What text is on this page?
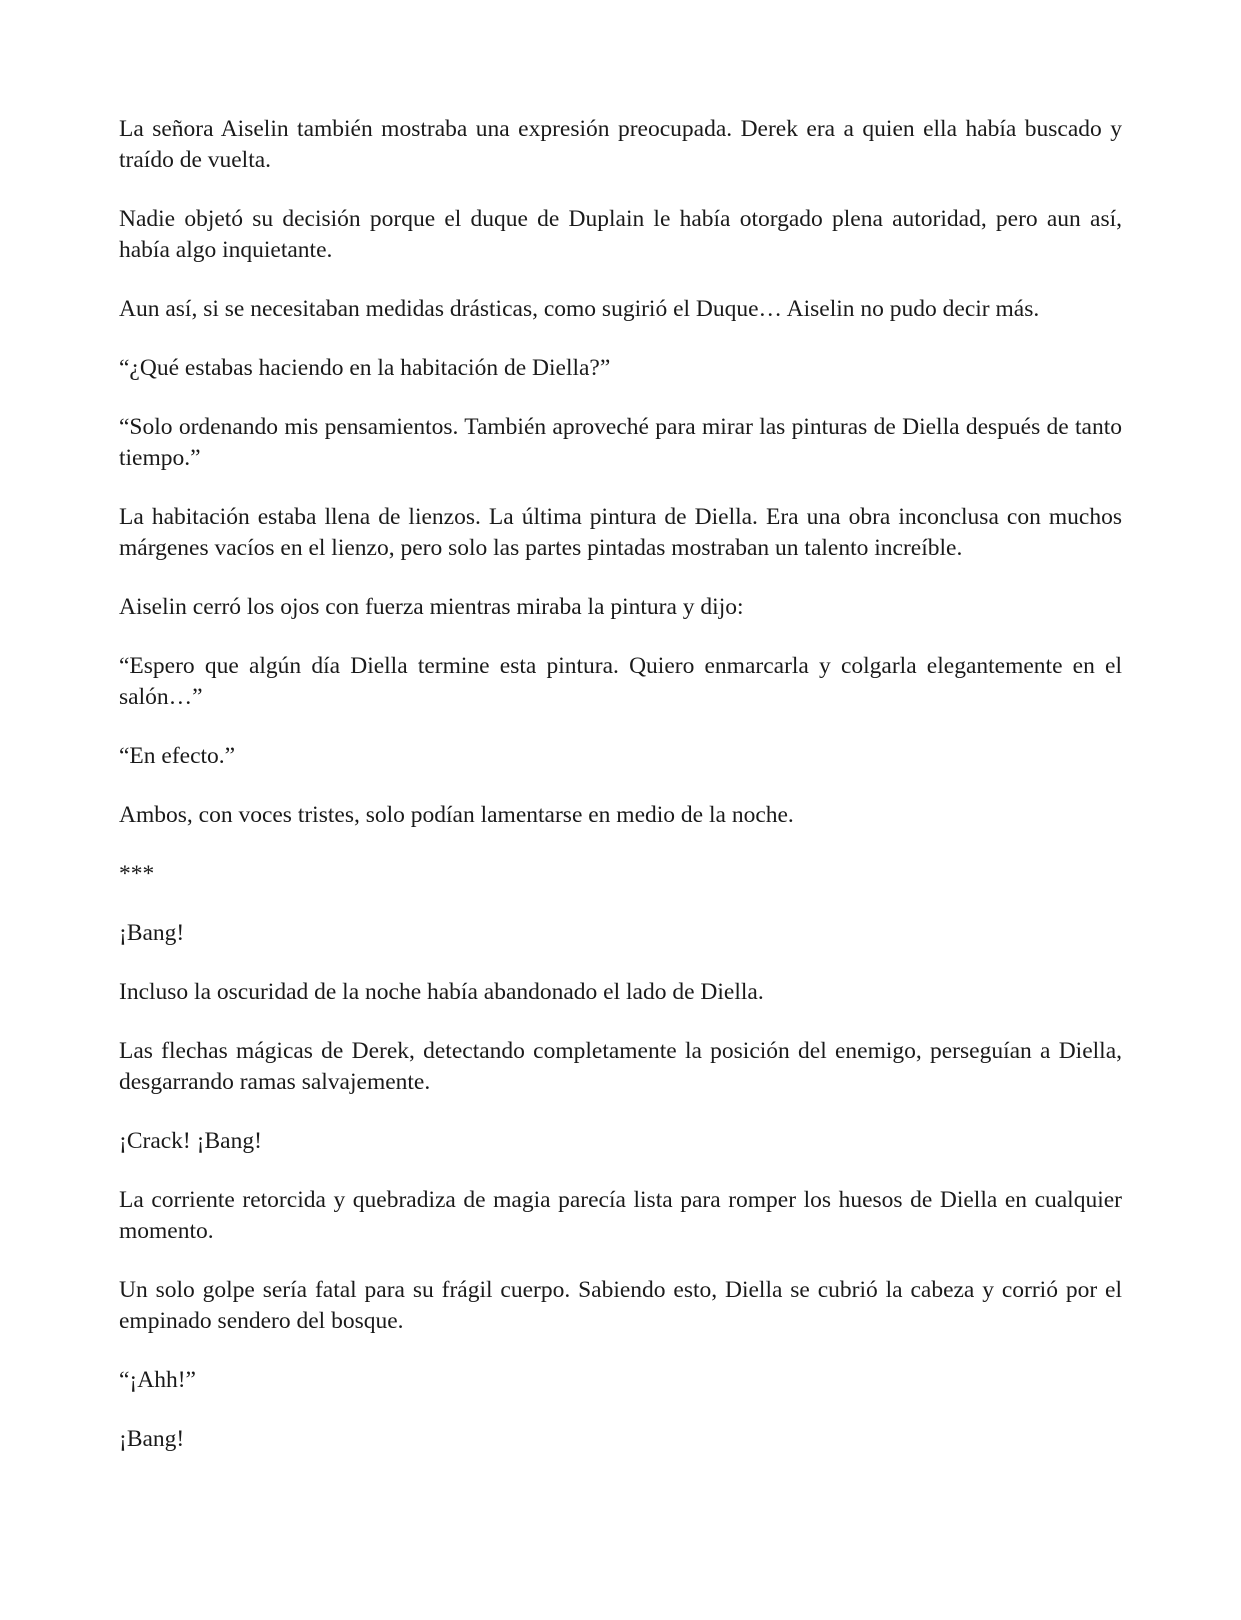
La señora Aiselin también mostraba una expresión preocupada. Derek era a quien ella había buscado y traído de vuelta.

Nadie objetó su decisión porque el duque de Duplain le había otorgado plena autoridad, pero aun así, había algo inquietante.

Aun así, si se necesitaban medidas drásticas, como sugirió el Duque… Aiselin no pudo decir más.

“¿Qué estabas haciendo en la habitación de Diella?”

“Solo ordenando mis pensamientos. También aproveché para mirar las pinturas de Diella después de tanto tiempo.”

La habitación estaba llena de lienzos. La última pintura de Diella. Era una obra inconclusa con muchos márgenes vacíos en el lienzo, pero solo las partes pintadas mostraban un talento increíble.

Aiselin cerró los ojos con fuerza mientras miraba la pintura y dijo:

“Espero que algún día Diella termine esta pintura. Quiero enmarcarla y colgarla elegantemente en el salón…”

“En efecto.”

Ambos, con voces tristes, solo podían lamentarse en medio de la noche.

***

¡Bang!

Incluso la oscuridad de la noche había abandonado el lado de Diella.

Las flechas mágicas de Derek, detectando completamente la posición del enemigo, perseguían a Diella, desgarrando ramas salvajemente.

¡Crack! ¡Bang!

La corriente retorcida y quebradiza de magia parecía lista para romper los huesos de Diella en cualquier momento.

Un solo golpe sería fatal para su frágil cuerpo. Sabiendo esto, Diella se cubrió la cabeza y corrió por el empinado sendero del bosque.

“¡Ahh!”

¡Bang!
